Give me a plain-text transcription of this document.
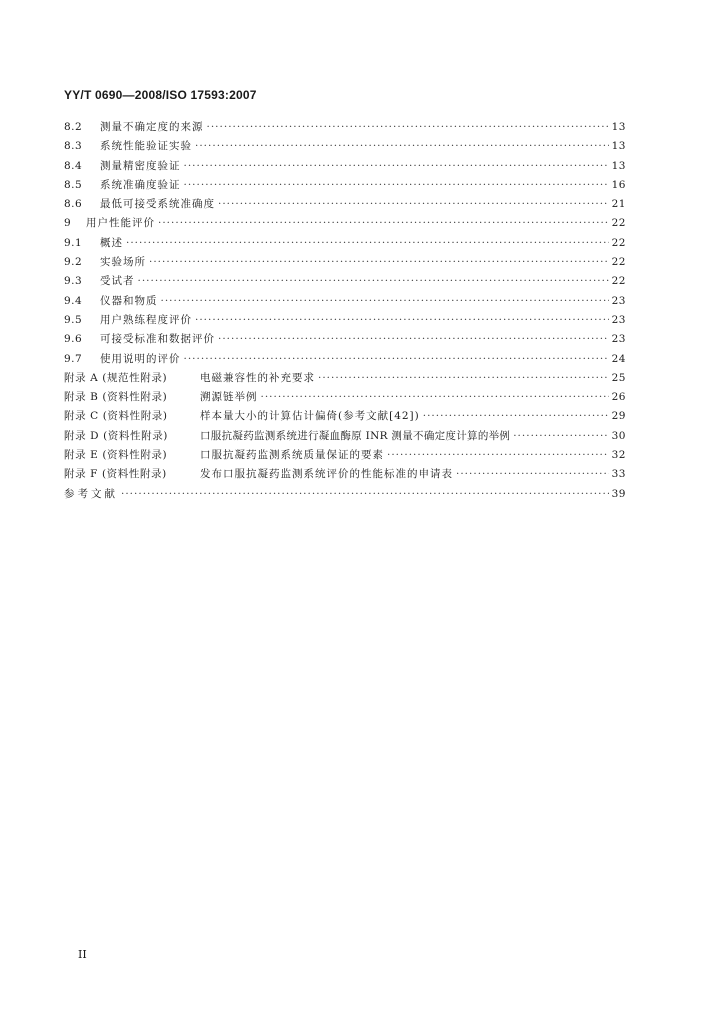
YY/T 0690—2008/ISO 17593:2007
8.2	测量不确定度的来源 ·····	13
8.3	系统性能验证实验 ·····	13
8.4	测量精密度验证 ·····	13
8.5	系统准确度验证 ·····	16
8.6	最低可接受系统准确度 ·····	21
9	用户性能评价 ·····	22
9.1	概述 ·····	22
9.2	实验场所 ·····	22
9.3	受试者 ·····	22
9.4	仪器和物质 ·····	23
9.5	用户熟练程度评价 ·····	23
9.6	可接受标准和数据评价 ·····	23
9.7	使用说明的评价 ·····	24
附录 A (规范性附录)	电磁兼容性的补充要求 ·····	25
附录 B (资料性附录)	溯源链举例 ·····	26
附录 C (资料性附录)	样本量大小的计算估计偏倚(参考文献[42]) ·····	29
附录 D (资料性附录)	口服抗凝药监测系统进行凝血酶原 INR 测量不确定度计算的举例 ·····	30
附录 E (资料性附录)	口服抗凝药监测系统质量保证的要素 ·····	32
附录 F (资料性附录)	发布口服抗凝药监测系统评价的性能标准的申请表 ·····	33
参考文献 ·····	39
II
